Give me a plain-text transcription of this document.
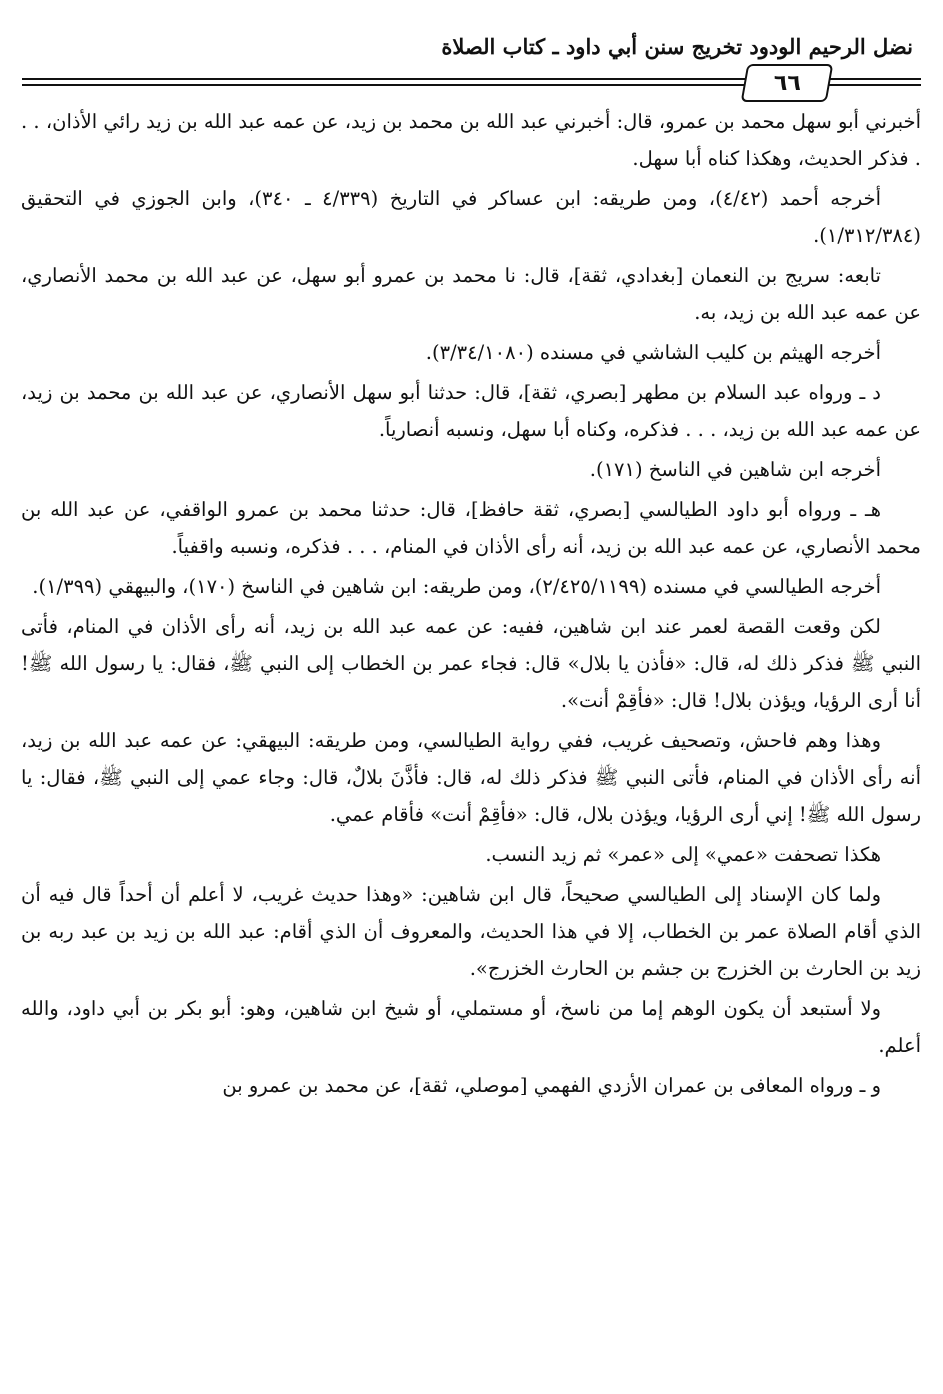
نضل الرحيم الودود تخريج سنن أبي داود ـ كتاب الصلاة
٦٦

أخبرني أبو سهل محمد بن عمرو، قال: أخبرني عبد الله بن محمد بن زيد، عن عمه عبد الله بن زيد رائي الأذان، . . . فذكر الحديث، وهكذا كناه أبا سهل.

أخرجه أحمد (٤/٤٢)، ومن طريقه: ابن عساكر في التاريخ (٤/٣٣٩ ـ ٣٤٠)، وابن الجوزي في التحقيق (١/٣١٢/٣٨٤).

تابعه: سريج بن النعمان [بغدادي، ثقة]، قال: نا محمد بن عمرو أبو سهل، عن عبد الله بن محمد الأنصاري، عن عمه عبد الله بن زيد، به.

أخرجه الهيثم بن كليب الشاشي في مسنده (٣/٣٤/١٠٨٠).

د ـ ورواه عبد السلام بن مطهر [بصري، ثقة]، قال: حدثنا أبو سهل الأنصاري، عن عبد الله بن محمد بن زيد، عن عمه عبد الله بن زيد، . . . فذكره، وكناه أبا سهل، ونسبه أنصارياً.

أخرجه ابن شاهين في الناسخ (١٧١).

هـ ـ ورواه أبو داود الطيالسي [بصري، ثقة حافظ]، قال: حدثنا محمد بن عمرو الواقفي، عن عبد الله بن محمد الأنصاري، عن عمه عبد الله بن زيد، أنه رأى الأذان في المنام، . . . فذكره، ونسبه واقفياً.

أخرجه الطيالسي في مسنده (٢/٤٢٥/١١٩٩)، ومن طريقه: ابن شاهين في الناسخ (١٧٠)، والبيهقي (١/٣٩٩).

لكن وقعت القصة لعمر عند ابن شاهين، ففيه: عن عمه عبد الله بن زيد، أنه رأى الأذان في المنام، فأتى النبي ﷺ فذكر ذلك له، قال: «فأذن يا بلال» قال: فجاء عمر بن الخطاب إلى النبي ﷺ، فقال: يا رسول الله ﷺ! أنا أرى الرؤيا، ويؤذن بلال! قال: «فأقِمْ أنت».

وهذا وهم فاحش، وتصحيف غريب، ففي رواية الطيالسي، ومن طريقه: البيهقي: عن عمه عبد الله بن زيد، أنه رأى الأذان في المنام، فأتى النبي ﷺ فذكر ذلك له، قال: فأذَّنَ بلالٌ، قال: وجاء عمي إلى النبي ﷺ، فقال: يا رسول الله ﷺ! إني أرى الرؤيا، ويؤذن بلال، قال: «فأقِمْ أنت» فأقام عمي.

هكذا تصحفت «عمي» إلى «عمر» ثم زيد النسب.

ولما كان الإسناد إلى الطيالسي صحيحاً، قال ابن شاهين: «وهذا حديث غريب، لا أعلم أن أحداً قال فيه أن الذي أقام الصلاة عمر بن الخطاب، إلا في هذا الحديث، والمعروف أن الذي أقام: عبد الله بن زيد بن عبد ربه بن زيد بن الحارث بن الخزرج بن جشم بن الحارث الخزرج».

ولا أستبعد أن يكون الوهم إما من ناسخ، أو مستملي، أو شيخ ابن شاهين، وهو: أبو بكر بن أبي داود، والله أعلم.

و ـ ورواه المعافى بن عمران الأزدي الفهمي [موصلي، ثقة]، عن محمد بن عمرو بن
